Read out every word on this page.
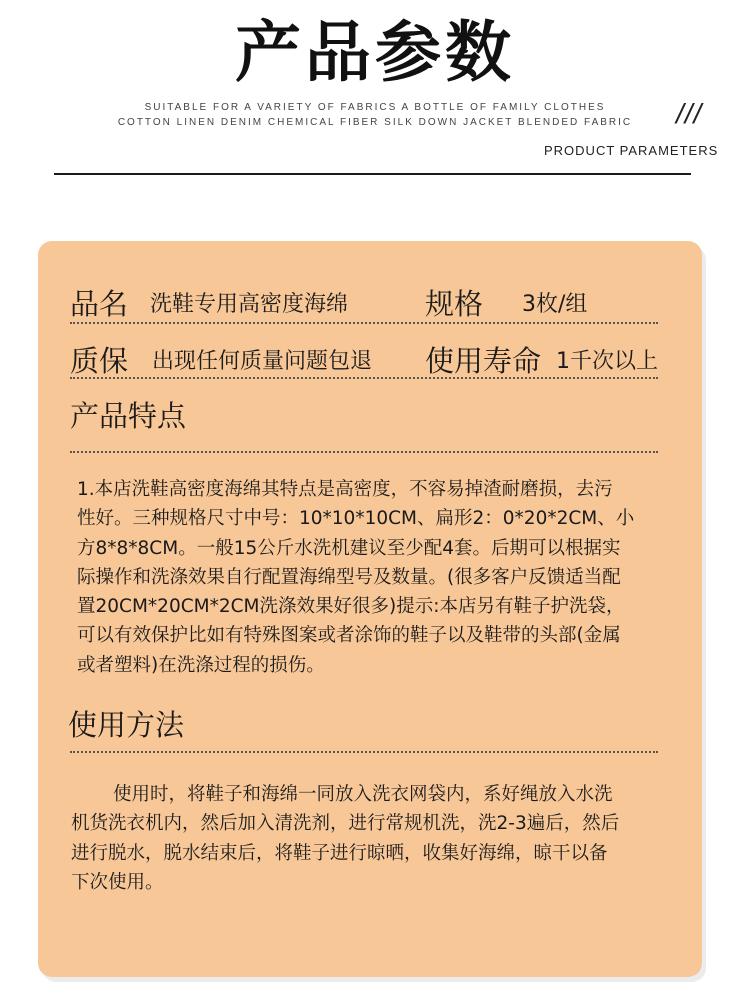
产品参数
SUITABLE FOR A VARIETY OF FABRICS A BOTTLE OF FAMILY CLOTHES
COTTON LINEN DENIM CHEMICAL FIBER SILK DOWN JACKET BLENDED FABRIC ///
PRODUCT PARAMETERS
品名 洗鞋专用高密度海绵	规格 3枚/组
质保 出现任何质量问题包退 使用寿命 1千次以上
产品特点
1.本店洗鞋高密度海绵其特点是高密度，不容易掉渣耐磨损，去污
性好。三种规格尺寸中号：10*10*10CM、扁形2：0*20*2CM、小
方8*8*8CM。一般15公斤水洗机建议至少配4套。后期可以根据实
际操作和洗涤效果自行配置海绵型号及数量。(很多客户反馈适当配
置20CM*20CM*2CM洗涤效果好很多)提示:本店另有鞋子护洗袋，
可以有效保护比如有特殊图案或者涂饰的鞋子以及鞋带的头部(金属
或者塑料)在洗涤过程的损伤。
使用方法
使用时，将鞋子和海绵一同放入洗衣网袋内，系好绳放入水洗
机货洗衣机内，然后加入清洗剂，进行常规机洗，洗2-3遍后，然后
进行脱水，脱水结束后，将鞋子进行晾晒，收集好海绵，晾干以备
下次使用。
